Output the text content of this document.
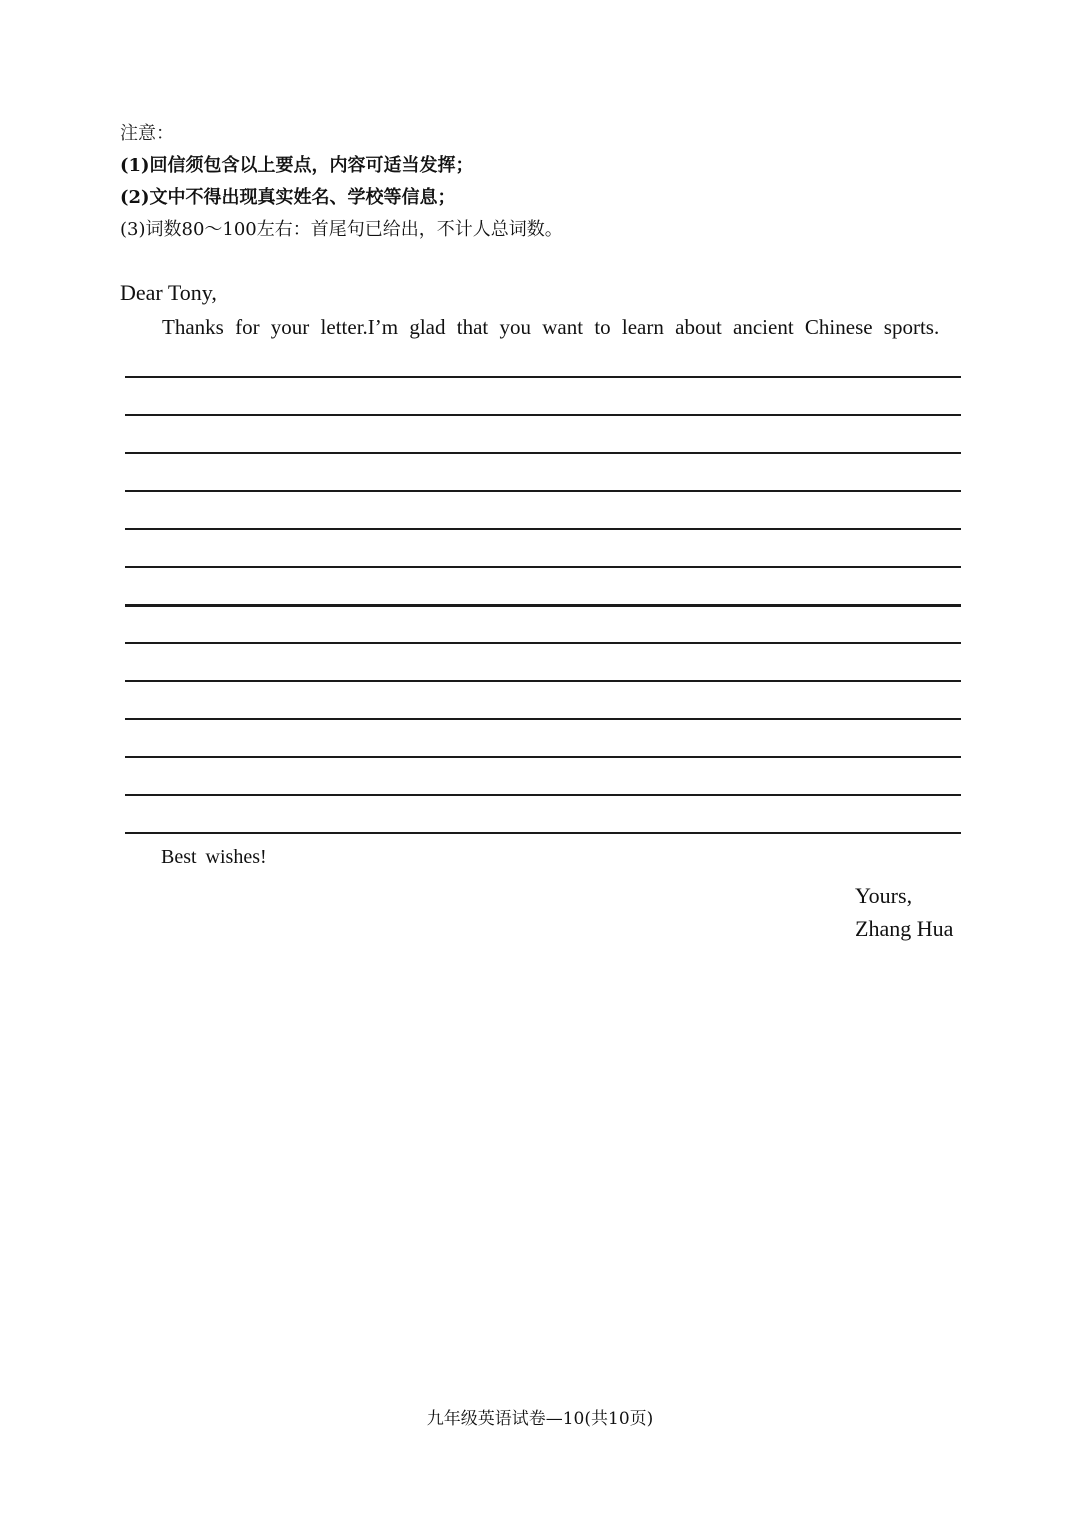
注意：
(1)回信须包含以上要点，内容可适当发挥；
(2)文中不得出现真实姓名、学校等信息；
(3)词数80～100左右：首尾句已给出，不计人总词数。
Dear Tony,
Thanks for your letter.I’m glad that you want to learn about ancient Chinese sports.
Best wishes!
Yours,
Zhang Hua
九年级英语试卷—10(共10页)
